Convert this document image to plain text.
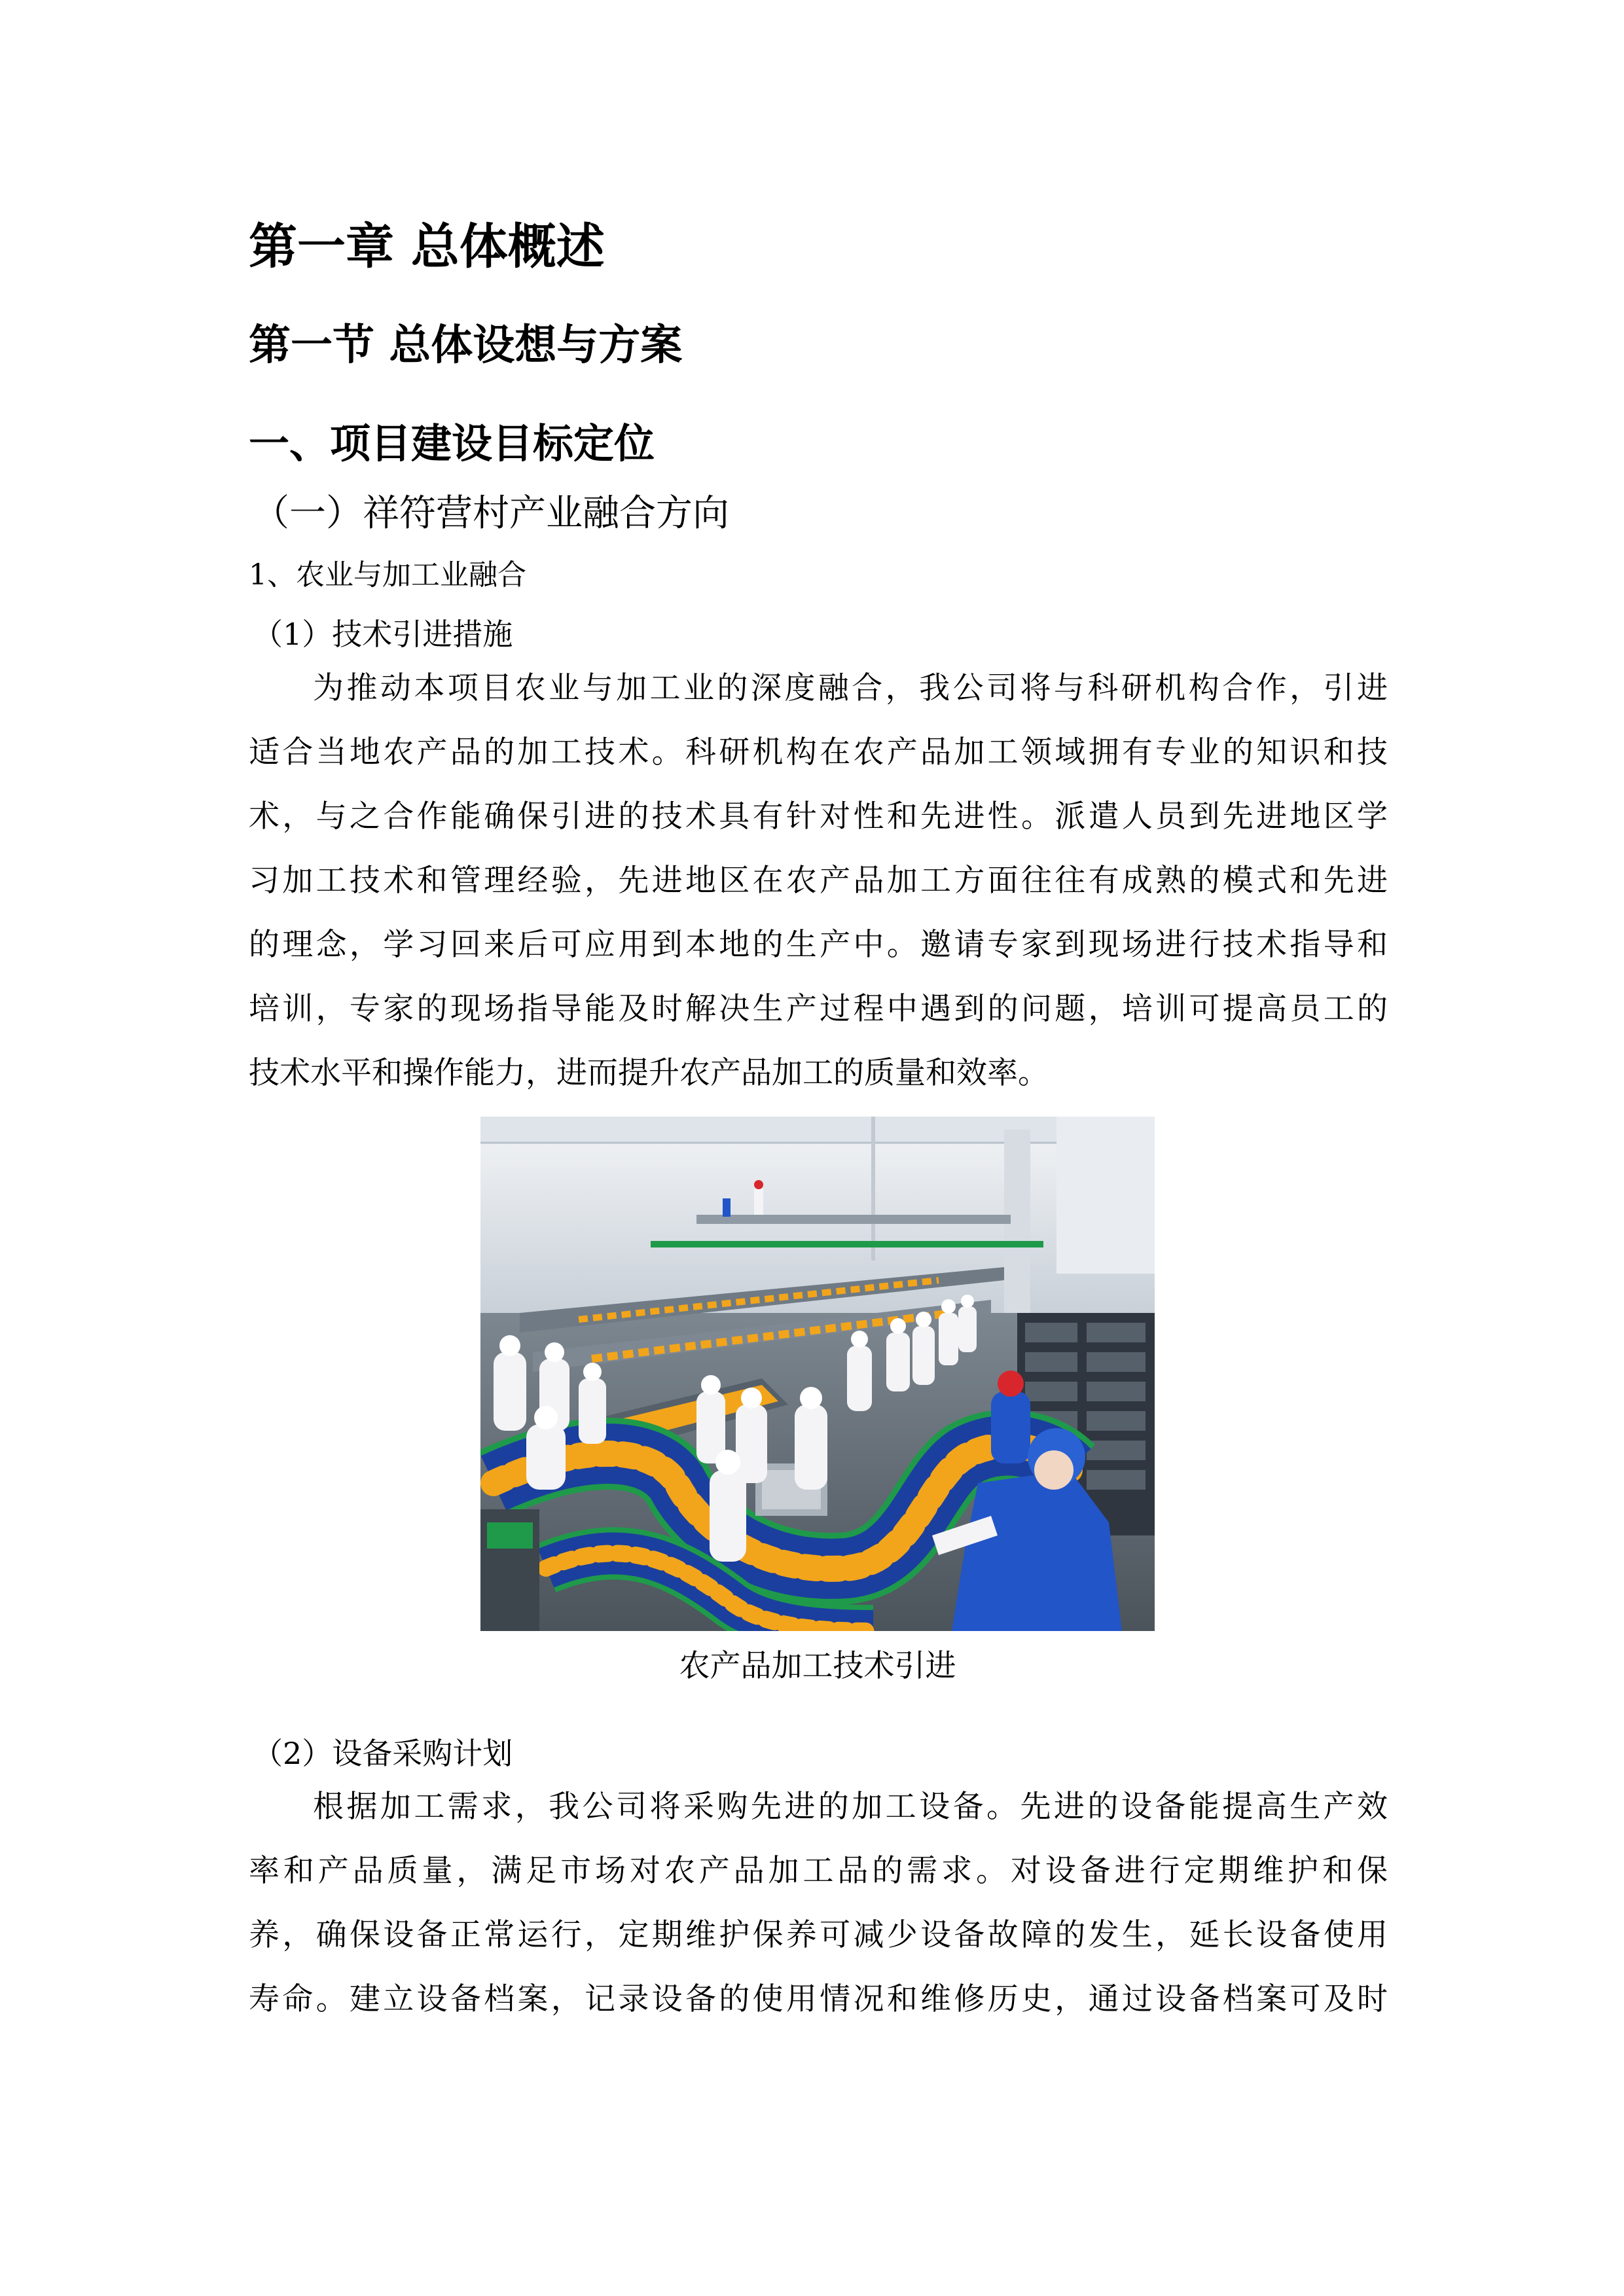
第一章 总体概述
第一节 总体设想与方案
一、项目建设目标定位
（一）祥符营村产业融合方向
1、农业与加工业融合
（1）技术引进措施
为推动本项目农业与加工业的深度融合，我公司将与科研机构合作，引进
适合当地农产品的加工技术。科研机构在农产品加工领域拥有专业的知识和技
术，与之合作能确保引进的技术具有针对性和先进性。派遣人员到先进地区学
习加工技术和管理经验，先进地区在农产品加工方面往往有成熟的模式和先进
的理念，学习回来后可应用到本地的生产中。邀请专家到现场进行技术指导和
培训，专家的现场指导能及时解决生产过程中遇到的问题，培训可提高员工的
技术水平和操作能力，进而提升农产品加工的质量和效率。
农产品加工技术引进
（2）设备采购计划
根据加工需求，我公司将采购先进的加工设备。先进的设备能提高生产效
率和产品质量，满足市场对农产品加工品的需求。对设备进行定期维护和保
养，确保设备正常运行，定期维护保养可减少设备故障的发生，延长设备使用
寿命。建立设备档案，记录设备的使用情况和维修历史，通过设备档案可及时
